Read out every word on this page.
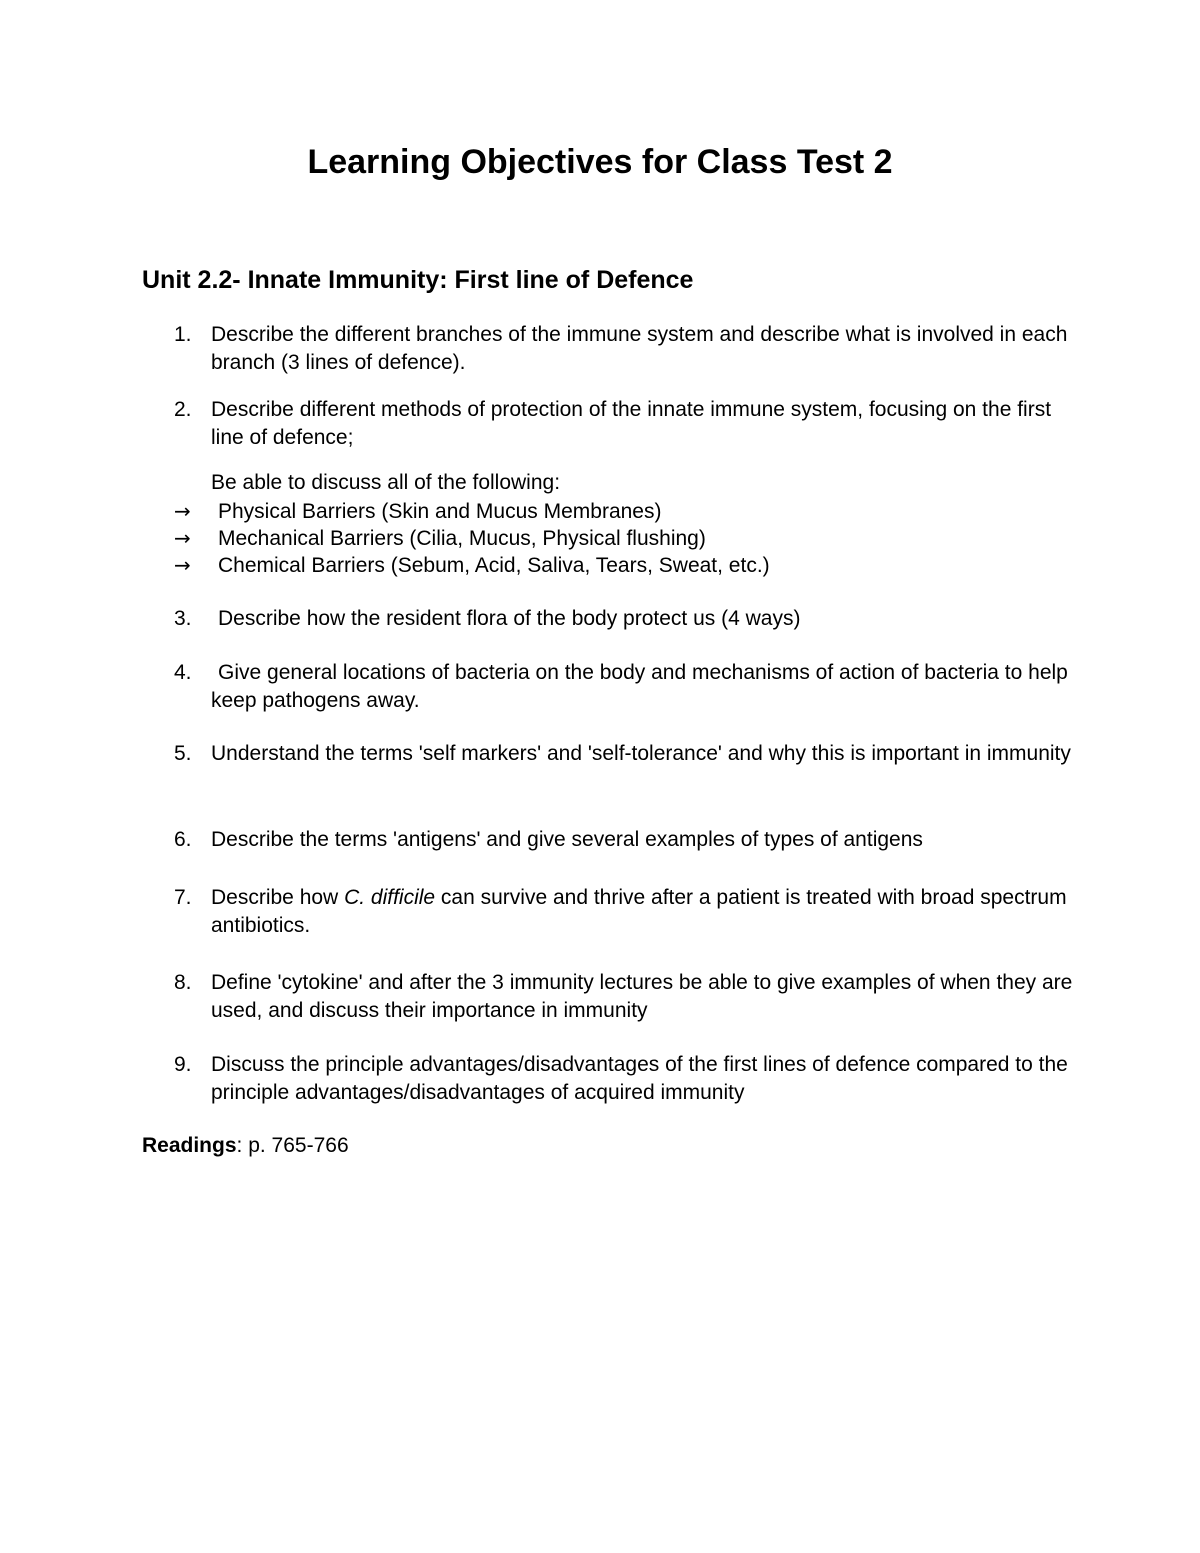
Learning Objectives for Class Test 2
Unit 2.2- Innate Immunity: First line of Defence
1. Describe the different branches of the immune system and describe what is involved in each branch (3 lines of defence).
2. Describe different methods of protection of the innate immune system, focusing on the first line of defence;
Be able to discuss all of the following:
→ Physical Barriers (Skin and Mucus Membranes)
→ Mechanical Barriers (Cilia, Mucus, Physical flushing)
→ Chemical Barriers (Sebum, Acid, Saliva, Tears, Sweat, etc.)
3. Describe how the resident flora of the body protect us (4 ways)
4.	Give general locations of bacteria on the body and mechanisms of action of bacteria to help keep pathogens away.
5. Understand the terms 'self markers' and 'self-tolerance' and why this is important in immunity
6. Describe the terms 'antigens' and give several examples of types of antigens
7. Describe how C. difficile can survive and thrive after a patient is treated with broad spectrum antibiotics.
8. Define 'cytokine' and after the 3 immunity lectures be able to give examples of when they are used, and discuss their importance in immunity
9. Discuss the principle advantages/disadvantages of the first lines of defence compared to the principle advantages/disadvantages of acquired immunity
Readings: p. 765-766
